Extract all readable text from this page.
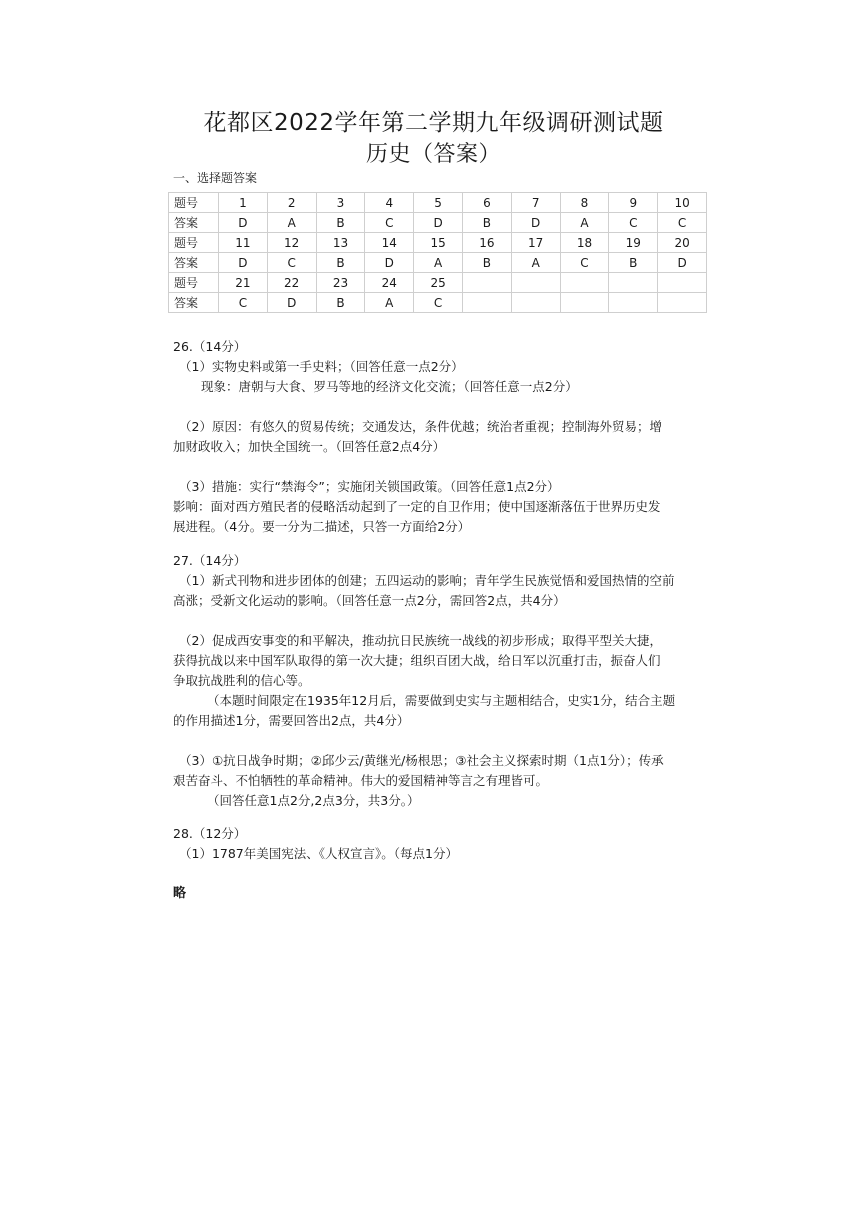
花都区2022学年第二学期九年级调研测试题
历史（答案）
一、选择题答案
题号	1	2	3	4	5	6	7	8	9	10
答案	D	A	B	C	D	B	D	A	C	C
题号	11	12	13	14	15	16	17	18	19	20
答案	D	C	B	D	A	B	A	C	B	D
题号	21	22	23	24	25					
答案	C	D	B	A	C					

26.（14分）

（1）实物史料或第一手史料；（回答任意一点2分）

现象：唐朝与大食、罗马等地的经济文化交流；（回答任意一点2分）

（2）原因：有悠久的贸易传统；交通发达，条件优越；统治者重视；控制海外贸易；增

加财政收入；加快全国统一。（回答任意2点4分）

（3）措施：实行“禁海令”；实施闭关锁国政策。（回答任意1点2分）

影响：面对西方殖民者的侵略活动起到了一定的自卫作用；使中国逐渐落伍于世界历史发

展进程。（4分。要一分为二描述，只答一方面给2分）

27.（14分）

（1）新式刊物和进步团体的创建；五四运动的影响；青年学生民族觉悟和爱国热情的空前

高涨；受新文化运动的影响。（回答任意一点2分，需回答2点，共4分）

（2）促成西安事变的和平解决，推动抗日民族统一战线的初步形成；取得平型关大捷，

获得抗战以来中国军队取得的第一次大捷；组织百团大战，给日军以沉重打击，振奋人们

争取抗战胜利的信心等。

（本题时间限定在1935年12月后，需要做到史实与主题相结合，史实1分，结合主题

的作用描述1分，需要回答出2点，共4分）

（3）①抗日战争时期；②邱少云/黄继光/杨根思；③社会主义探索时期（1点1分）；传承

艰苦奋斗、不怕牺牲的革命精神。伟大的爱国精神等言之有理皆可。

（回答任意1点2分,2点3分，共3分。）

28.（12分）

（1）1787年美国宪法、《人权宣言》。（每点1分）

略
